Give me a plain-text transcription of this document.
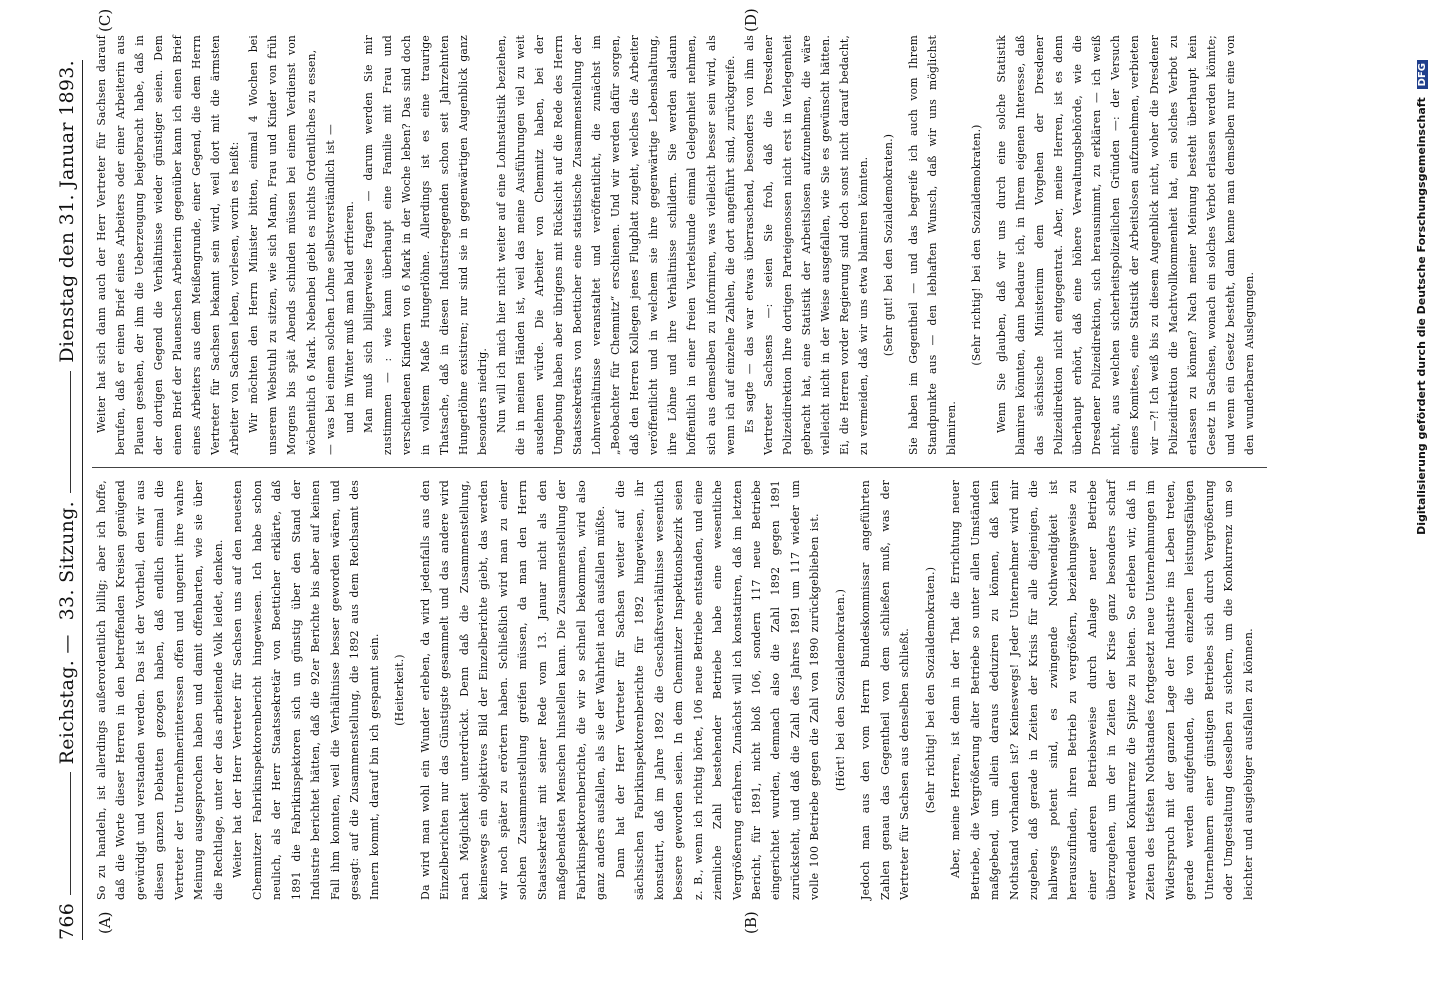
766
Reichstag. —
33. Sitzung.
Dienstag den 31. Januar 1893.
(A)	(B)
(C)	(D)

So zu handeln, ist allerdings außerordentlich billig; aber ich hoffe, daß die Worte dieser Herren in den betreffenden Kreisen genügend gewürdigt und verstanden werden. Das ist der Vortheil, den wir aus diesen ganzen Debatten gezogen haben, daß endlich einmal die Vertreter der Unternehmerinteressen offen und ungenirt ihre wahre Meinung ausgesprochen haben und damit offenbarten, wie sie über die Rechtlage, unter der das arbeitende Volk leidet, denken. Weiter hat der Herr Vertreter für Sachsen uns auf den neuesten Chemnitzer Fabrikinspektorenbericht hingewiesen. Ich habe schon neulich, als der Herr Staatssekretär von Boetticher erklärte, daß 1891 die Fabrikinspektoren sich un günstig über den Stand der Industrie berichtet hätten, daß die 92er Berichte bis aber auf keinen Fall ihm konnten, weil die Verhältnisse besser geworden wären, und gesagt: auf die Zusammenstellung, die 1892 aus dem Reichsamt des Innern kommt, darauf bin ich gespannt sein.	(Heiterkeit.)	Da wird man wohl ein Wunder erleben, da wird jedenfalls aus den Einzelberichten nur das Günstigste gesammelt und das andere wird nach Möglichkeit unterdrückt. Denn daß die Zusammenstellung, keineswegs ein objektives Bild der Einzelberichte giebt, das werden wir noch später zu erörtern haben. Schließlich wird man zu einer solchen Zusammenstellung greifen müssen, da man den Herrn Staatssekretär mit seiner Rede vom 13. Januar nicht als den maßgebendsten Menschen hinstellen kann. Die Zusammenstellung der Fabrikinspektorenberichte, die wir so schnell bekommen, wird also ganz anders ausfallen, als sie der Wahrheit nach ausfallen müßte. Dann hat der Herr Vertreter für Sachsen weiter auf die sächsischen Fabrikinspektorenberichte für 1892 hingewiesen, ihr konstatirt, daß im Jahre 1892 die Geschäftsverhältnisse wesentlich bessere geworden seien. In dem Chemnitzer Inspektionsbezirk seien z. B., wenn ich richtig hörte, 106 neue Betriebe entstanden, und eine ziemliche Zahl bestehender Betriebe habe eine wesentliche Vergrößerung erfahren. Zunächst will ich konstatiren, daß im letzten Bericht, für 1891, nicht bloß 106, sondern 117 neue Betriebe eingerichtet wurden, demnach also die Zahl 1892 gegen 1891 zurücksteht, und daß die Zahl des Jahres 1891 um 117 wieder um volle 100 Betriebe gegen die Zahl von 1890 zurückgeblieben ist.	(Hört! bei den Sozialdemokraten.)	Jedoch man aus den vom Herrn Bundeskommissar angeführten Zahlen genau das Gegentheil von dem schließen muß, was der Vertreter für Sachsen aus denselben schließt.	(Sehr richtig! bei den Sozialdemokraten.)	Aber, meine Herren, ist denn in der That die Errichtung neuer Betriebe, die Vergrößerung alter Betriebe so unter allen Umständen maßgebend, um allein daraus deduziren zu können, daß kein Nothstand vorhanden ist? Keineswegs! Jeder Unternehmer wird mir zugeben, daß gerade in Zeiten der Krisis für alle diejenigen, die halbwegs potent sind, es zwingende Nothwendigkeit ist herauszufinden, ihren Betrieb zu vergrößern, beziehungsweise zu einer anderen Betriebsweise durch Anlage neuer Betriebe überzugehen, um der in Zeiten der Krise ganz besonders scharf werdenden Konkurrenz die Spitze zu bieten. So erleben wir, daß in Zeiten des tiefsten Nothstandes fortgesetzt neue Unternehmungen im Widerspruch mit der ganzen Lage der Industrie ins Leben treten, gerade werden aufgefunden, die von einzelnen leistungsfähigen Unternehmern einer günstigen Betriebes sich durch Vergrößerung oder Umgestaltung desselben zu sichern, um die Konkurrenz um so leichter und ausgiebiger ausfallen zu können.

Weiter hat sich dann auch der Herr Vertreter für Sachsen darauf berufen, daß er einen Brief eines Arbeiters oder einer Arbeiterin aus Plauen gesehen, der ihm die Ueberzeugung beigebracht habe, daß in der dortigen Gegend die Verhältnisse wieder günstiger seien. Dem einen Brief der Plauenschen Arbeiterin gegenüber kann ich einen Brief eines Arbeiters aus dem Meißengrunde, einer Gegend, die dem Herrn Vertreter für Sachsen bekannt sein wird, weil dort mit die ärmsten Arbeiter von Sachsen leben, vorlesen, worin es heißt: Wir möchten den Herrn Minister bitten, einmal 4 Wochen bei unserem Webstuhl zu sitzen, wie sich Mann, Frau und Kinder von früh Morgens bis spät Abends schinden müssen bei einem Verdienst von wöchentlich 6 Mark. Nebenbei giebt es nichts Ordentliches zu essen, — was bei einem solchen Lohne selbstverständlich ist — und im Winter muß man bald erfrieren. Man muß sich billigerweise fragen — darum werden Sie mir zustimmen — : wie kann überhaupt eine Familie mit Frau und verschiedenen Kindern von 6 Mark in der Woche leben? Das sind doch in vollstem Maße Hungerlöhne. Allerdings ist es eine traurige Thatsache, daß in diesen Industriegegenden schon seit Jahrzehnten Hungerlöhne existiren; nur sind sie in gegenwärtigen Augenblick ganz besonders niedrig. Nun will ich mich hier nicht weiter auf eine Lohnstatistik beziehen, die in meinen Händen ist, weil das meine Ausführungen viel zu weit ausdehnen würde. Die Arbeiter von Chemnitz haben, bei der Umgebung haben aber übrigens mit Rücksicht auf die Rede des Herrn Staatssekretärs von Boetticher eine statistische Zusammenstellung der Lohnverhältnisse veranstaltet und veröffentlicht, die zunächst im „Beobachter für Chemnitz“ erschienen. Und wir werden dafür sorgen, daß den Herren Kollegen jenes Flugblatt zugeht, welches die Arbeiter veröffentlicht und in welchem sie ihre gegenwärtige Lebenshaltung, ihre Löhne und ihre Verhältnisse schildern. Sie werden alsdann hoffentlich in einer freien Viertelstunde einmal Gelegenheit nehmen, sich aus demselben zu informiren, was vielleicht besser sein wird, als wenn ich auf einzelne Zahlen, die dort angeführt sind, zurückgreife. Es sagte — das war etwas überraschend, besonders von ihm als Vertreter Sachsens —: seien Sie froh, daß die Dresdener Polizeidirektion Ihre dortigen Parteigenossen nicht erst in Verlegenheit gebracht hat, eine Statistik der Arbeitslosen aufzunehmen, die wäre vielleicht nicht in der Weise ausgefallen, wie Sie es gewünscht hätten. Ei, die Herren vorder Regierung sind doch sonst nicht darauf bedacht, zu vermeiden, daß wir uns etwa blamiren könnten. (Sehr gut! bei den Sozialdemokraten.) Sie haben im Gegentheil — und das begreife ich auch vom Ihrem Standpunkte aus — den lebhaften Wunsch, daß wir uns möglichst blamiren.

(Sehr richtig! bei den Sozialdemokraten.) Wenn Sie glauben, daß wir uns durch eine solche Statistik blamiren könnten, dann bedaure ich, in Ihrem eigenen Interesse, daß das sächsische Ministerium dem Vorgehen der Dresdener Polizeidirektion nicht entgegentrat. Aber, meine Herren, ist es denn überhaupt erhört, daß eine höhere Verwaltungsbehörde, wie die Dresdener Polizeidirektion, sich herausnimmt, zu erklären — ich weiß nicht, aus welchen sicherheitspolizeilichen Gründen —: der Versuch eines Komitees, eine Statistik der Arbeitslosen aufzunehmen, verbieten wir —?! Ich weiß bis zu diesem Augenblick nicht, woher die Dresdener Polizeidirektion die Machtvollkommenheit hat, ein solches Verbot zu erlassen zu können? Nach meiner Meinung besteht überhaupt kein Gesetz in Sachsen, wonach ein solches Verbot erlassen werden könnte; und wenn ein Gesetz besteht, dann kenne man demselben nur eine von den wunderbaren Auslegungen.	Digitalisierung gefördert durch die Deutsche Forschungsgemeinschaft DFG
